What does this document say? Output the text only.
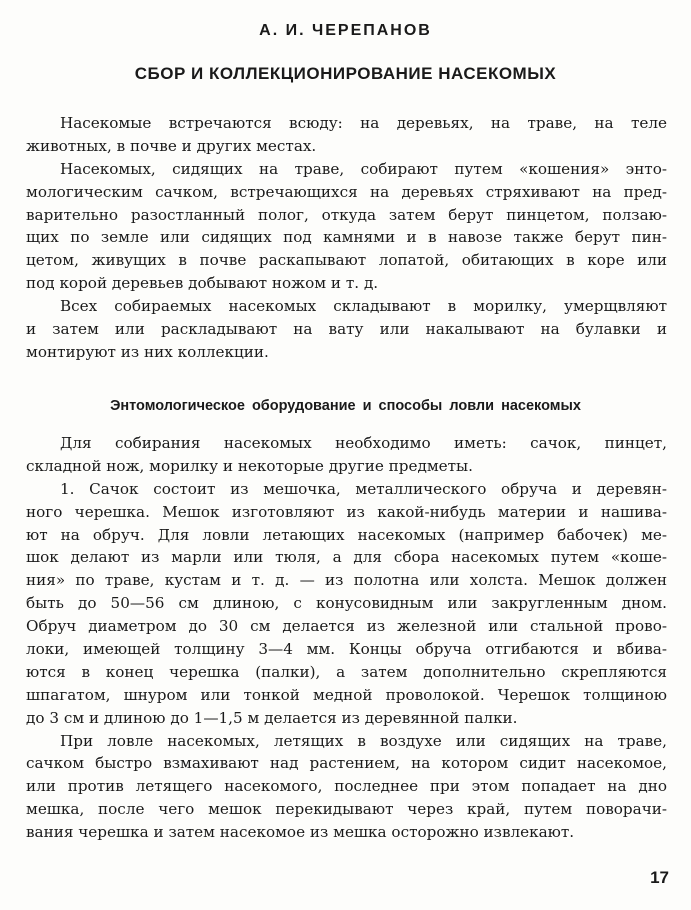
А. И. ЧЕРЕПАНОВ
СБОР И КОЛЛЕКЦИОНИРОВАНИЕ НАСЕКОМЫХ
Насекомые встречаются всюду: на деревьях, на траве, на теле
животных, в почве и других местах.
Насекомых, сидящих на траве, собирают путем «кошения» энто-
мологическим сачком, встречающихся на деревьях стряхивают на пред-
варительно разостланный полог, откуда затем берут пинцетом, ползаю-
щих по земле или сидящих под камнями и в навозе также берут пин-
цетом, живущих в почве раскапывают лопатой, обитающих в коре или
под корой деревьев добывают ножом и т. д.
Всех собираемых насекомых складывают в морилку, умерщвляют
и затем или раскладывают на вату или накалывают на булавки и
монтируют из них коллекции.
Энтомологическое оборудование и способы ловли насекомых
Для собирания насекомых необходимо иметь: сачок, пинцет,
складной нож, морилку и некоторые другие предметы.
1. Сачок состоит из мешочка, металлического обруча и деревян-
ного черешка. Мешок изготовляют из какой-нибудь материи и нашива-
ют на обруч. Для ловли летающих насекомых (например бабочек) ме-
шок делают из марли или тюля, а для сбора насекомых путем «коше-
ния» по траве, кустам и т. д. — из полотна или холста. Мешок должен
быть до 50—56 см длиною, с конусовидным или закругленным дном.
Обруч диаметром до 30 см делается из железной или стальной прово-
локи, имеющей толщину 3—4 мм. Концы обруча отгибаются и вбива-
ются в конец черешка (палки), а затем дополнительно скрепляются
шпагатом, шнуром или тонкой медной проволокой. Черешок толщиною
до 3 см и длиною до 1—1,5 м делается из деревянной палки.
При ловле насекомых, летящих в воздухе или сидящих на траве,
сачком быстро взмахивают над растением, на котором сидит насекомое,
или против летящего насекомого, последнее при этом попадает на дно
мешка, после чего мешок перекидывают через край, путем поворачи-
вания черешка и затем насекомое из мешка осторожно извлекают.
17
